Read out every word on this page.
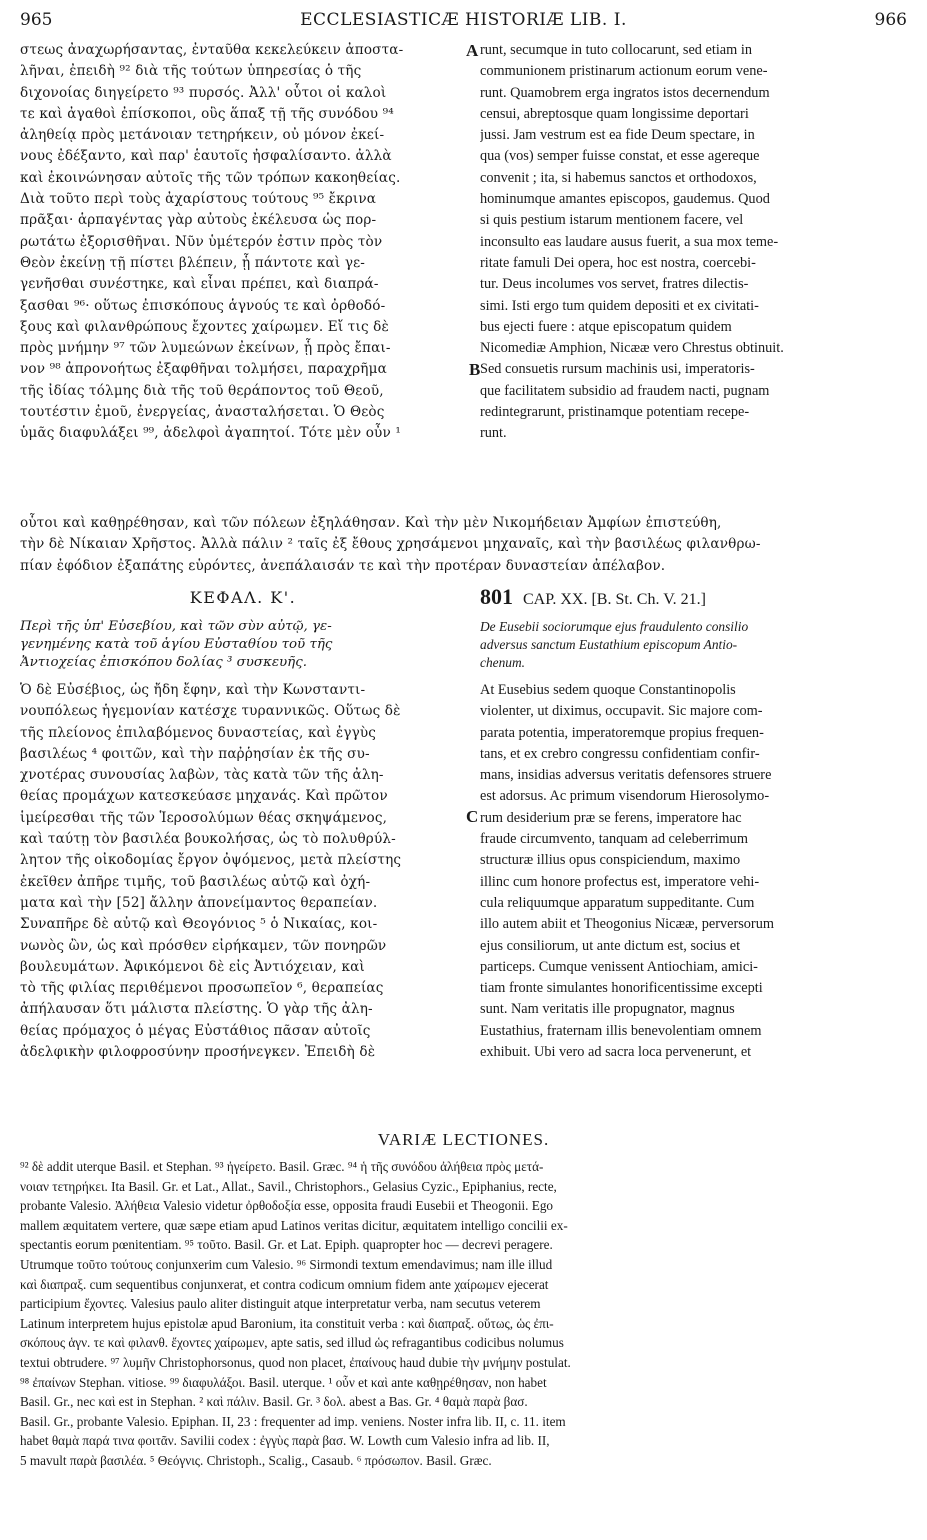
965	ECCLESIASTICÆ HISTORIÆ LIB. I.	966
στεως ἀναχωρήσαντας, ἐνταῦθα κεκελεύκειν ἀποστα-
λῆναι, ἐπειδὴ ⁹² διὰ τῆς τούτων ὑπηρεσίας ὁ τῆς
διχονοίας διηγείρετο ⁹³ πυρσός. Ἀλλ' οὗτοι οἱ καλοὶ
τε καὶ ἀγαθοὶ ἐπίσκοποι, οὓς ἅπαξ τῇ τῆς συνόδου ⁹⁴
ἀληθείᾳ πρὸς μετάνοιαν τετηρήκειν, οὐ μόνον ἐκεί-
νους ἐδέξαντο, καὶ παρ' ἑαυτοῖς ἠσφαλίσαντο. ἀλλὰ
καὶ ἐκοινώνησαν αὐτοῖς τῆς τῶν τρόπων κακοηθείας.
Διὰ τοῦτο περὶ τοὺς ἀχαρίστους τούτους ⁹⁵ ἔκρινα
πρᾶξαι· ἁρπαγέντας γὰρ αὐτοὺς ἐκέλευσα ὡς πορ-
ρωτάτω ἐξορισθῆναι. Νῦν ὑμέτερόν ἐστιν πρὸς τὸν
Θεὸν ἐκείνῃ τῇ πίστει βλέπειν, ᾗ πάντοτε καὶ γε-
γενῆσθαι συνέστηκε, καὶ εἶναι πρέπει, καὶ διαπρά-
ξασθαι ⁹⁶· οὕτως ἐπισκόπους ἁγνούς τε καὶ ὀρθοδό-
ξους καὶ φιλανθρώπους ἔχοντες χαίρωμεν. Εἴ τις δὲ
πρὸς μνήμην ⁹⁷ τῶν λυμεώνων ἐκείνων, ᾗ πρὸς ἔπαι-
νον ⁹⁸ ἀπρονοήτως ἐξαφθῆναι τολμήσει, παραχρῆμα
τῆς ἰδίας τόλμης διὰ τῆς τοῦ θεράποντος τοῦ Θεοῦ,
τουτέστιν ἐμοῦ, ἐνεργείας, ἀνασταλήσεται. Ὁ Θεὸς
ὑμᾶς διαφυλάξει ⁹⁹, ἀδελφοὶ ἀγαπητοί. Τότε μὲν οὖν ¹
runt, secumque in tuto collocarunt, sed etiam in
communionem pristinarum actionum eorum vene-
runt. Quamobrem erga ingratos istos decernendum
censui, abreptosque quam longissime deportari
jussi. Jam vestrum est ea fide Deum spectare, in
qua (vos) semper fuisse constat, et esse agereque
convenit ; ita, si habemus sanctos et orthodoxos,
hominumque amantes episcopos, gaudemus. Quod
si quis pestium istarum mentionem facere, vel
inconsulto eas laudare ausus fuerit, a sua mox teme-
ritate famuli Dei opera, hoc est nostra, coercebi-
tur. Deus incolumes vos servet, fratres dilectis-
simi. Isti ergo tum quidem depositi et ex civitati-
bus ejecti fuere : atque episcopatum quidem
Nicomediæ Amphion, Nicææ vero Chrestus obtinuit.
Sed consuetis rursum machinis usi, imperatoris-
que facilitatem subsidio ad fraudem nacti, pugnam
redintegrarunt, pristinamque potentiam recepe-
runt.
A
B
C
οὗτοι καὶ καθῃρέθησαν, καὶ τῶν πόλεων ἐξηλάθησαν. Καὶ τὴν μὲν Νικομήδειαν Ἀμφίων ἐπιστεύθη,
τὴν δὲ Νίκαιαν Χρῆστος. Ἀλλὰ πάλιν ² ταῖς ἐξ ἔθους χρησάμενοι μηχαναῖς, καὶ τὴν βασιλέως φιλανθρω-
πίαν ἐφόδιον ἐξαπάτης εὑρόντες, ἀνεπάλαισάν τε καὶ τὴν προτέραν δυναστείαν ἀπέλαβον.
ΚΕΦΑΛ. Κ'.	801 CAP. XX. [B. St. Ch. V. 21.]
Περὶ τῆς ὑπ' Εὐσεβίου, καὶ τῶν σὺν αὐτῷ, γε-
γενημένης κατὰ τοῦ ἁγίου Εὐσταθίου τοῦ τῆς
Ἀντιοχείας ἐπισκόπου δολίας ³ συσκευῆς.
De Eusebii sociorumque ejus fraudulento consilio
adversus sanctum Eustathium episcopum Antio-
chenum.
Ὁ δὲ Εὐσέβιος, ὡς ἤδη ἔφην, καὶ τὴν Κωνσταντι-
νουπόλεως ἡγεμονίαν κατέσχε τυραννικῶς. Οὕτως δὲ
τῆς πλείονος ἐπιλαβόμενος δυναστείας, καὶ ἐγγὺς
βασιλέως ⁴ φοιτῶν, καὶ τὴν παῤῥησίαν ἐκ τῆς συ-
χνοτέρας συνουσίας λαβὼν, τὰς κατὰ τῶν τῆς ἀλη-
θείας προμάχων κατεσκεύασε μηχανάς. Καὶ πρῶτον
ἱμείρεσθαι τῆς τῶν Ἱεροσολύμων θέας σκηψάμενος,
καὶ ταύτῃ τὸν βασιλέα βουκολήσας, ὡς τὸ πολυθρύλ-
λητον τῆς οἰκοδομίας ἔργον ὀψόμενος, μετὰ πλείστης
ἐκεῖθεν ἀπῆρε τιμῆς, τοῦ βασιλέως αὐτῷ καὶ ὀχή-
ματα καὶ τὴν [52] ἄλλην ἀπονείμαντος θεραπείαν.
Συναπῆρε δὲ αὐτῷ καὶ Θεογόνιος ⁵ ὁ Νικαίας, κοι-
νωνὸς ὢν, ὡς καὶ πρόσθεν εἰρήκαμεν, τῶν πονηρῶν
βουλευμάτων. Ἀφικόμενοι δὲ εἰς Ἀντιόχειαν, καὶ
τὸ τῆς φιλίας περιθέμενοι προσωπεῖον ⁶, θεραπείας
ἀπήλαυσαν ὅτι μάλιστα πλείστης. Ὁ γὰρ τῆς ἀλη-
θείας πρόμαχος ὁ μέγας Εὐστάθιος πᾶσαν αὐτοῖς
ἀδελφικὴν φιλοφροσύνην προσήνεγκεν. Ἐπειδὴ δὲ
At Eusebius sedem quoque Constantinopolis
violenter, ut diximus, occupavit. Sic majore com-
parata potentia, imperatoremque propius frequen-
tans, et ex crebro congressu confidentiam confir-
mans, insidias adversus veritatis defensores struere
est adorsus. Ac primum visendorum Hierosolymo-
rum desiderium præ se ferens, imperatore hac
fraude circumvento, tanquam ad celeberrimum
structuræ illius opus conspiciendum, maximo
illinc cum honore profectus est, imperatore vehi-
cula reliquumque apparatum suppeditante. Cum
illo autem abiit et Theogonius Nicææ, perversorum
ejus consiliorum, ut ante dictum est, socius et
particeps. Cumque venissent Antiochiam, amici-
tiam fronte simulantes honorificentissime excepti
sunt. Nam veritatis ille propugnator, magnus
Eustathius, fraternam illis benevolentiam omnem
exhibuit. Ubi vero ad sacra loca pervenerunt, et
VARIÆ LECTIONES.
⁹² δὲ addit uterque Basil. et Stephan. ⁹³ ἠγείρετο. Basil. Græc. ⁹⁴ ἡ τῆς συνόδου ἀλήθεια πρὸς μετά-
νοιαν τετηρήκει. Ita Basil. Gr. et Lat., Allat., Savil., Christophors., Gelasius Cyzic., Epiphanius, recte,
probante Valesio. Ἀλήθεια Valesio videtur ὀρθοδοξία esse, opposita fraudi Eusebii et Theogonii. Ego
mallem æquitatem vertere, quæ sæpe etiam apud Latinos veritas dicitur, æquitatem intelligo concilii ex-
spectantis eorum pœnitentiam. ⁹⁵ τοῦτο. Basil. Gr. et Lat. Epiph. quapropter hoc — decrevi peragere.
Utrumque τοῦτο τούτους conjunxerim cum Valesio. ⁹⁶ Sirmondi textum emendavimus; nam ille illud
καὶ διαπραξ. cum sequentibus conjunxerat, et contra codicum omnium fidem ante χαίρωμεν ejecerat
participium ἔχοντες. Valesius paulo aliter distinguit atque interpretatur verba, nam secutus veterem
Latinum interpretem hujus epistolæ apud Baronium, ita constituit verba : καὶ διαπραξ. οὕτως, ὡς ἐπι-
σκόπους ἁγν. τε καὶ φιλανθ. ἔχοντες χαίρωμεν, apte satis, sed illud ὡς refragantibus codicibus nolumus
textui obtrudere. ⁹⁷ λυμῆν Christophorsonus, quod non placet, ἐπαίνους haud dubie τὴν μνήμην postulat.
⁹⁸ ἐπαίνων Stephan. vitiose. ⁹⁹ διαφυλάξοι. Basil. uterque. ¹ οὖν et καὶ ante καθῃρέθησαν, non habet
Basil. Gr., nec καὶ est in Stephan. ² καὶ πάλιν. Basil. Gr. ³ δολ. abest a Bas. Gr. ⁴ θαμὰ παρὰ βασ.
Basil. Gr., probante Valesio. Epiphan. II, 23 : frequenter ad imp. veniens. Noster infra lib. II, c. 11. item
habet θαμὰ παρά τινα φοιτᾶν. Savilii codex : ἐγγὺς παρὰ βασ. W. Lowth cum Valesio infra ad lib. II,
5 mavult παρὰ βασιλέα. ⁵ Θεόγνις. Christoph., Scalig., Casaub. ⁶ πρόσωπον. Basil. Græc.
